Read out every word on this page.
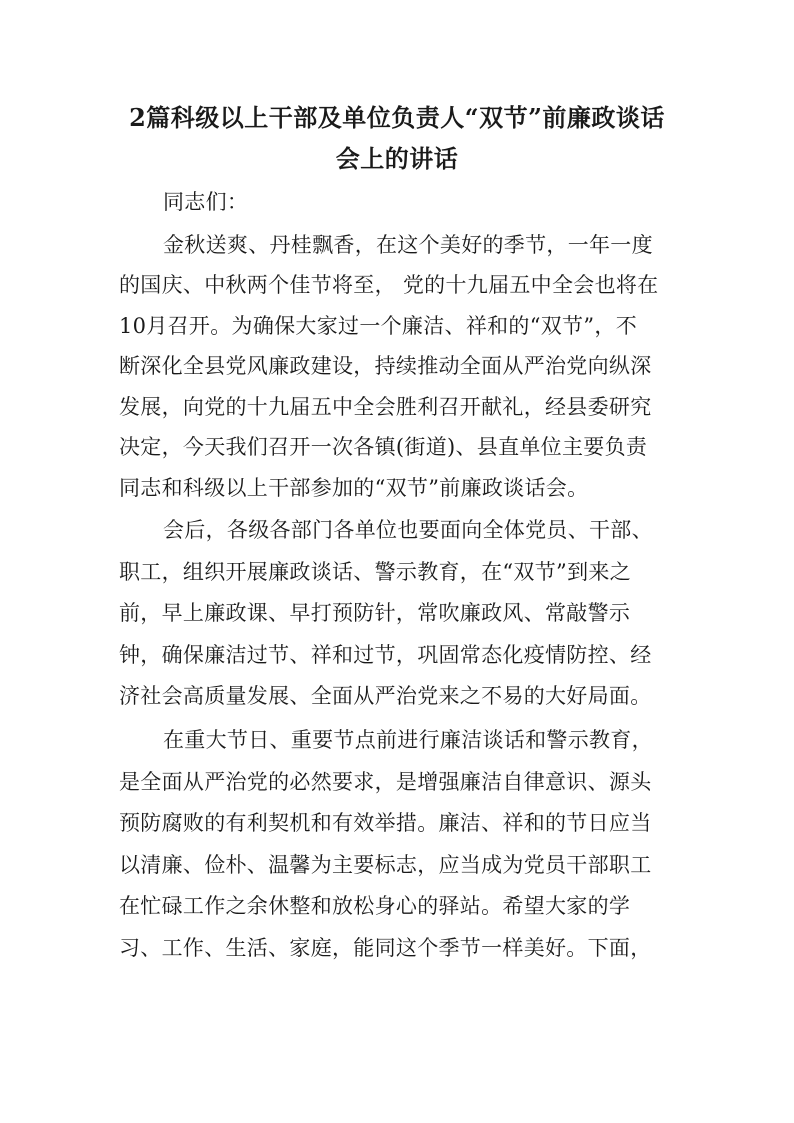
2篇科级以上干部及单位负责人“双节”前廉政谈话
会上的讲话
同志们：
金秋送爽、丹桂飘香，在这个美好的季节，一年一度
的国庆、中秋两个佳节将至， 党的十九届五中全会也将在
10月召开。为确保大家过一个廉洁、祥和的“双节”，不
断深化全县党风廉政建设，持续推动全面从严治党向纵深
发展，向党的十九届五中全会胜利召开献礼，经县委研究
决定，今天我们召开一次各镇(街道)、县直单位主要负责
同志和科级以上干部参加的“双节”前廉政谈话会。
会后，各级各部门各单位也要面向全体党员、干部、
职工，组织开展廉政谈话、警示教育，在“双节”到来之
前，早上廉政课、早打预防针，常吹廉政风、常敲警示
钟，确保廉洁过节、祥和过节，巩固常态化疫情防控、经
济社会高质量发展、全面从严治党来之不易的大好局面。
在重大节日、重要节点前进行廉洁谈话和警示教育，
是全面从严治党的必然要求，是增强廉洁自律意识、源头
预防腐败的有利契机和有效举措。廉洁、祥和的节日应当
以清廉、俭朴、温馨为主要标志，应当成为党员干部职工
在忙碌工作之余休整和放松身心的驿站。希望大家的学
习、工作、生活、家庭，能同这个季节一样美好。下面，
